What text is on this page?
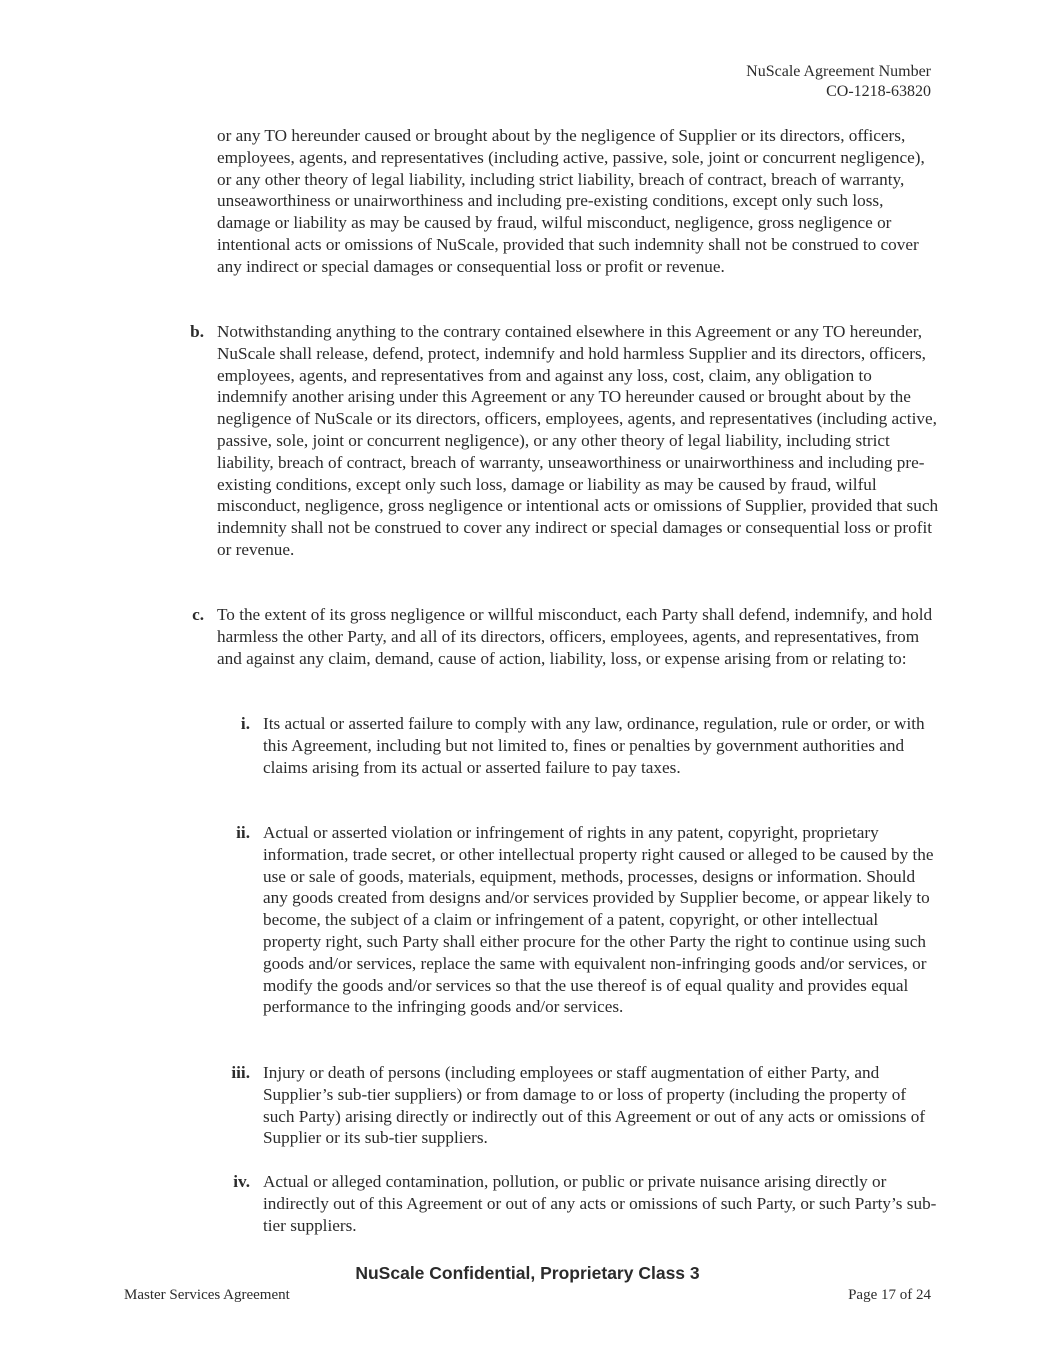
NuScale Agreement Number
CO-1218-63820

or any TO hereunder caused or brought about by the negligence of Supplier or its directors, officers, employees, agents, and representatives (including active, passive, sole, joint or concurrent negligence), or any other theory of legal liability, including strict liability, breach of contract, breach of warranty, unseaworthiness or unairworthiness and including pre-existing conditions, except only such loss, damage or liability as may be caused by fraud, wilful misconduct, negligence, gross negligence or intentional acts or omissions of NuScale, provided that such indemnity shall not be construed to cover any indirect or special damages or consequential loss or profit or revenue.

b. Notwithstanding anything to the contrary contained elsewhere in this Agreement or any TO hereunder, NuScale shall release, defend, protect, indemnify and hold harmless Supplier and its directors, officers, employees, agents, and representatives from and against any loss, cost, claim, any obligation to indemnify another arising under this Agreement or any TO hereunder caused or brought about by the negligence of NuScale or its directors, officers, employees, agents, and representatives (including active, passive, sole, joint or concurrent negligence), or any other theory of legal liability, including strict liability, breach of contract, breach of warranty, unseaworthiness or unairworthiness and including pre-existing conditions, except only such loss, damage or liability as may be caused by fraud, wilful misconduct, negligence, gross negligence or intentional acts or omissions of Supplier, provided that such indemnity shall not be construed to cover any indirect or special damages or consequential loss or profit or revenue.

c. To the extent of its gross negligence or willful misconduct, each Party shall defend, indemnify, and hold harmless the other Party, and all of its directors, officers, employees, agents, and representatives, from and against any claim, demand, cause of action, liability, loss, or expense arising from or relating to:

i. Its actual or asserted failure to comply with any law, ordinance, regulation, rule or order, or with this Agreement, including but not limited to, fines or penalties by government authorities and claims arising from its actual or asserted failure to pay taxes.

ii. Actual or asserted violation or infringement of rights in any patent, copyright, proprietary information, trade secret, or other intellectual property right caused or alleged to be caused by the use or sale of goods, materials, equipment, methods, processes, designs or information. Should any goods created from designs and/or services provided by Supplier become, or appear likely to become, the subject of a claim or infringement of a patent, copyright, or other intellectual property right, such Party shall either procure for the other Party the right to continue using such goods and/or services, replace the same with equivalent non-infringing goods and/or services, or modify the goods and/or services so that the use thereof is of equal quality and provides equal performance to the infringing goods and/or services.

iii. Injury or death of persons (including employees or staff augmentation of either Party, and Supplier’s sub-tier suppliers) or from damage to or loss of property (including the property of such Party) arising directly or indirectly out of this Agreement or out of any acts or omissions of Supplier or its sub-tier suppliers.

iv. Actual or alleged contamination, pollution, or public or private nuisance arising directly or indirectly out of this Agreement or out of any acts or omissions of such Party, or such Party’s sub-tier suppliers.

NuScale Confidential, Proprietary Class 3
Master Services Agreement	Page 17 of 24
